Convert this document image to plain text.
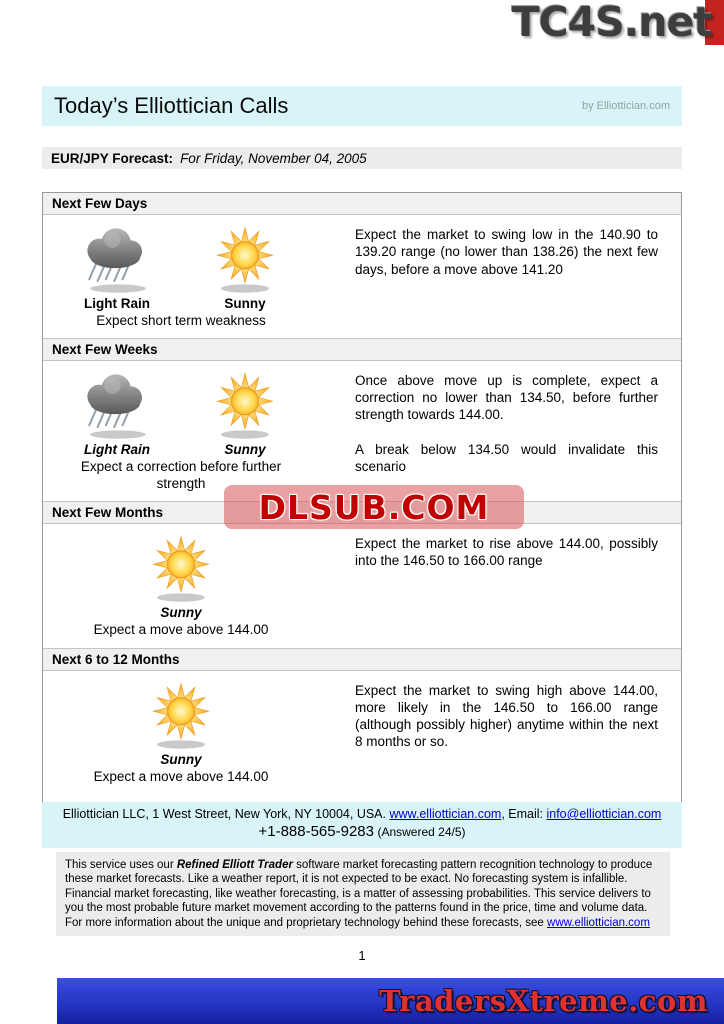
TC4S.net
Today’s Elliottician Calls	by Elliottician.com
EUR/JPY Forecast: For Friday, November 04, 2005
Next Few Days
Light Rain	Sunny
Expect short term weakness

Expect the market to swing low in the 140.90 to 139.20 range (no lower than 138.26) the next few days, before a move above 141.20

Next Few Weeks
Light Rain	Sunny
Expect a correction before further strength

Once above move up is complete, expect a correction no lower than 134.50, before further strength towards 144.00.

A break below 134.50 would invalidate this scenario

Next Few Months
Sunny
Expect a move above 144.00

Expect the market to rise above 144.00, possibly into the 146.50 to 166.00 range

Next 6 to 12 Months
Sunny
Expect a move above 144.00

Expect the market to swing high above 144.00, more likely in the 146.50 to 166.00 range (although possibly higher) anytime within the next 8 months or so.

DLSUB.COM
Elliottician LLC, 1 West Street, New York, NY 10004, USA. www.elliottician.com, Email: info@elliottician.com
+1-888-565-9283 (Answered 24/5)
This service uses our Refined Elliott Trader software market forecasting pattern recognition technology to produce these market forecasts. Like a weather report, it is not expected to be exact. No forecasting system is infallible. Financial market forecasting, like weather forecasting, is a matter of assessing probabilities. This service delivers to you the most probable future market movement according to the patterns found in the price, time and volume data. For more information about the unique and proprietary technology behind these forecasts, see www.elliottician.com
1
TradersXtreme.com
